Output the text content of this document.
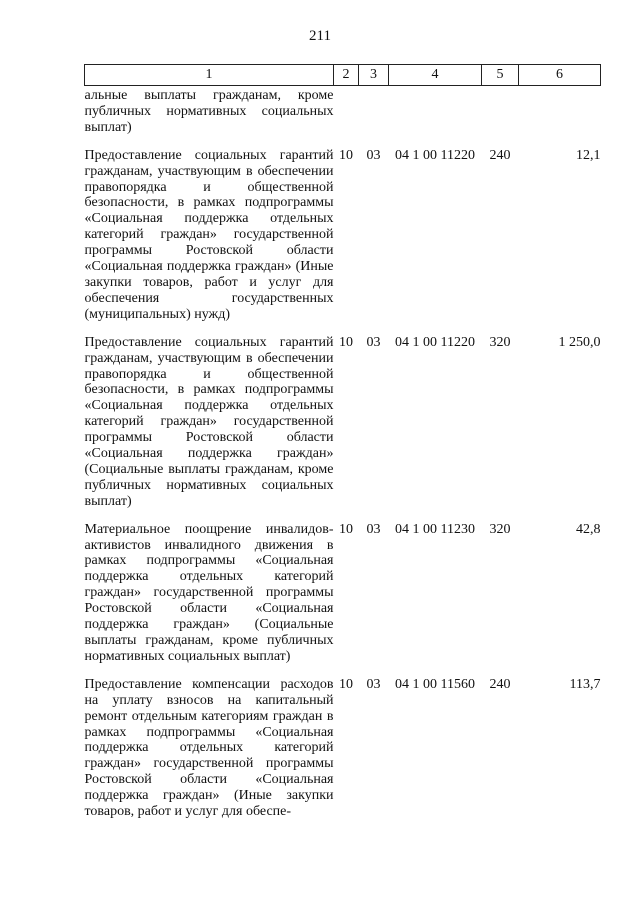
211
1	2	3	4	5	6
альные выплаты гражданам, кроме публичных нормативных социальных выплат)					
Предоставление социальных гарантий гражданам, участвующим в обеспечении правопорядка и общественной безопасности, в рамках подпрограммы «Социальная поддержка отдельных категорий граждан» государственной программы Ростовской области «Социальная поддержка граждан» (Иные закупки товаров, работ и услуг для обеспечения государственных (муниципальных) нужд)	10	03	04 1 00 11220	240	12,1
Предоставление социальных гарантий гражданам, участвующим в обеспечении правопорядка и общественной безопасности, в рамках подпрограммы «Социальная поддержка отдельных категорий граждан» государственной программы Ростовской области «Социальная поддержка граждан» (Социальные выплаты гражданам, кроме публичных нормативных социальных выплат)	10	03	04 1 00 11220	320	1 250,0
Материальное поощрение инвалидов-активистов инвалидного движения в рамках подпрограммы «Социальная поддержка отдельных категорий граждан» государственной программы Ростовской области «Социальная поддержка граждан» (Социальные выплаты гражданам, кроме публичных нормативных социальных выплат)	10	03	04 1 00 11230	320	42,8
Предоставление компенсации расходов на уплату взносов на капитальный ремонт отдельным категориям граждан в рамках подпрограммы «Социальная поддержка отдельных категорий граждан» государственной программы Ростовской области «Социальная поддержка граждан» (Иные закупки товаров, работ и услуг для обеспе-	10	03	04 1 00 11560	240	113,7
